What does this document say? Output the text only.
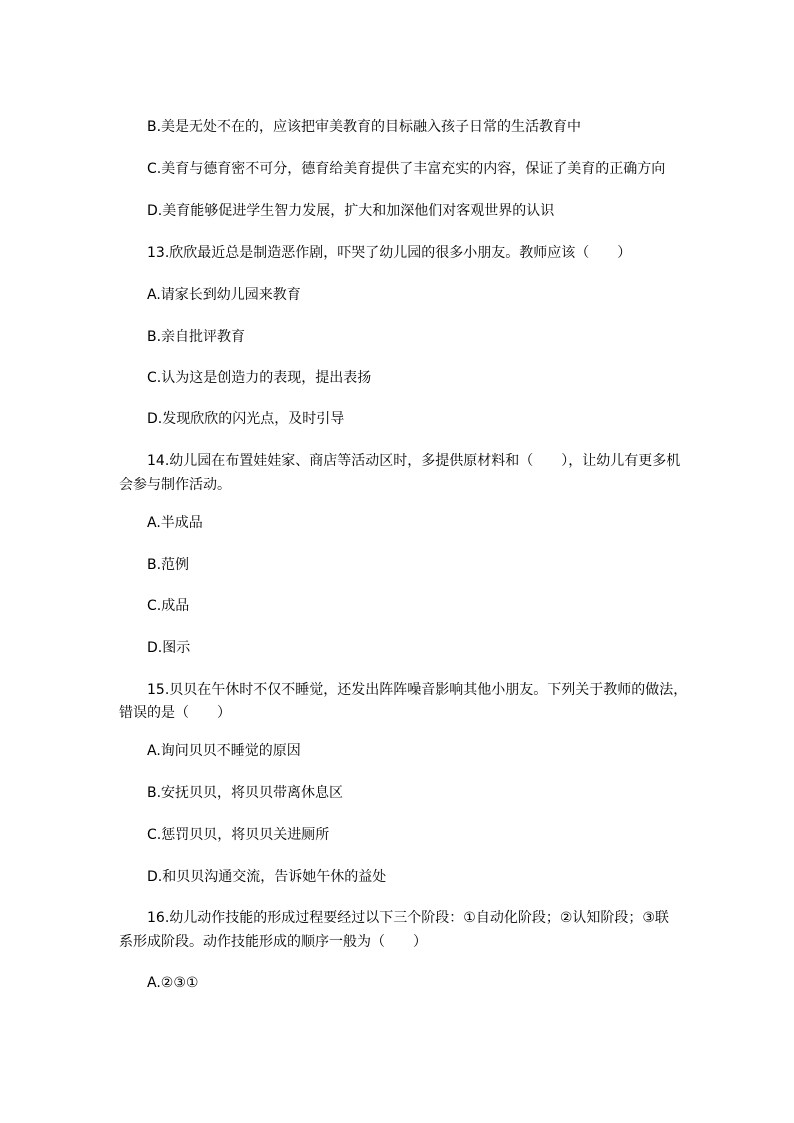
B.美是无处不在的，应该把审美教育的目标融入孩子日常的生活教育中
C.美育与德育密不可分，德育给美育提供了丰富充实的内容，保证了美育的正确方向
D.美育能够促进学生智力发展，扩大和加深他们对客观世界的认识
13.欣欣最近总是制造恶作剧，吓哭了幼儿园的很多小朋友。教师应该（　　）
A.请家长到幼儿园来教育
B.亲自批评教育
C.认为这是创造力的表现，提出表扬
D.发现欣欣的闪光点，及时引导
14.幼儿园在布置娃娃家、商店等活动区时，多提供原材料和（　　），让幼儿有更多机
会参与制作活动。
A.半成品
B.范例
C.成品
D.图示
15.贝贝在午休时不仅不睡觉，还发出阵阵噪音影响其他小朋友。下列关于教师的做法，
错误的是（　　）
A.询问贝贝不睡觉的原因
B.安抚贝贝，将贝贝带离休息区
C.惩罚贝贝，将贝贝关进厕所
D.和贝贝沟通交流，告诉她午休的益处
16.幼儿动作技能的形成过程要经过以下三个阶段：①自动化阶段；②认知阶段；③联
系形成阶段。动作技能形成的顺序一般为（　　）
A.②③①
